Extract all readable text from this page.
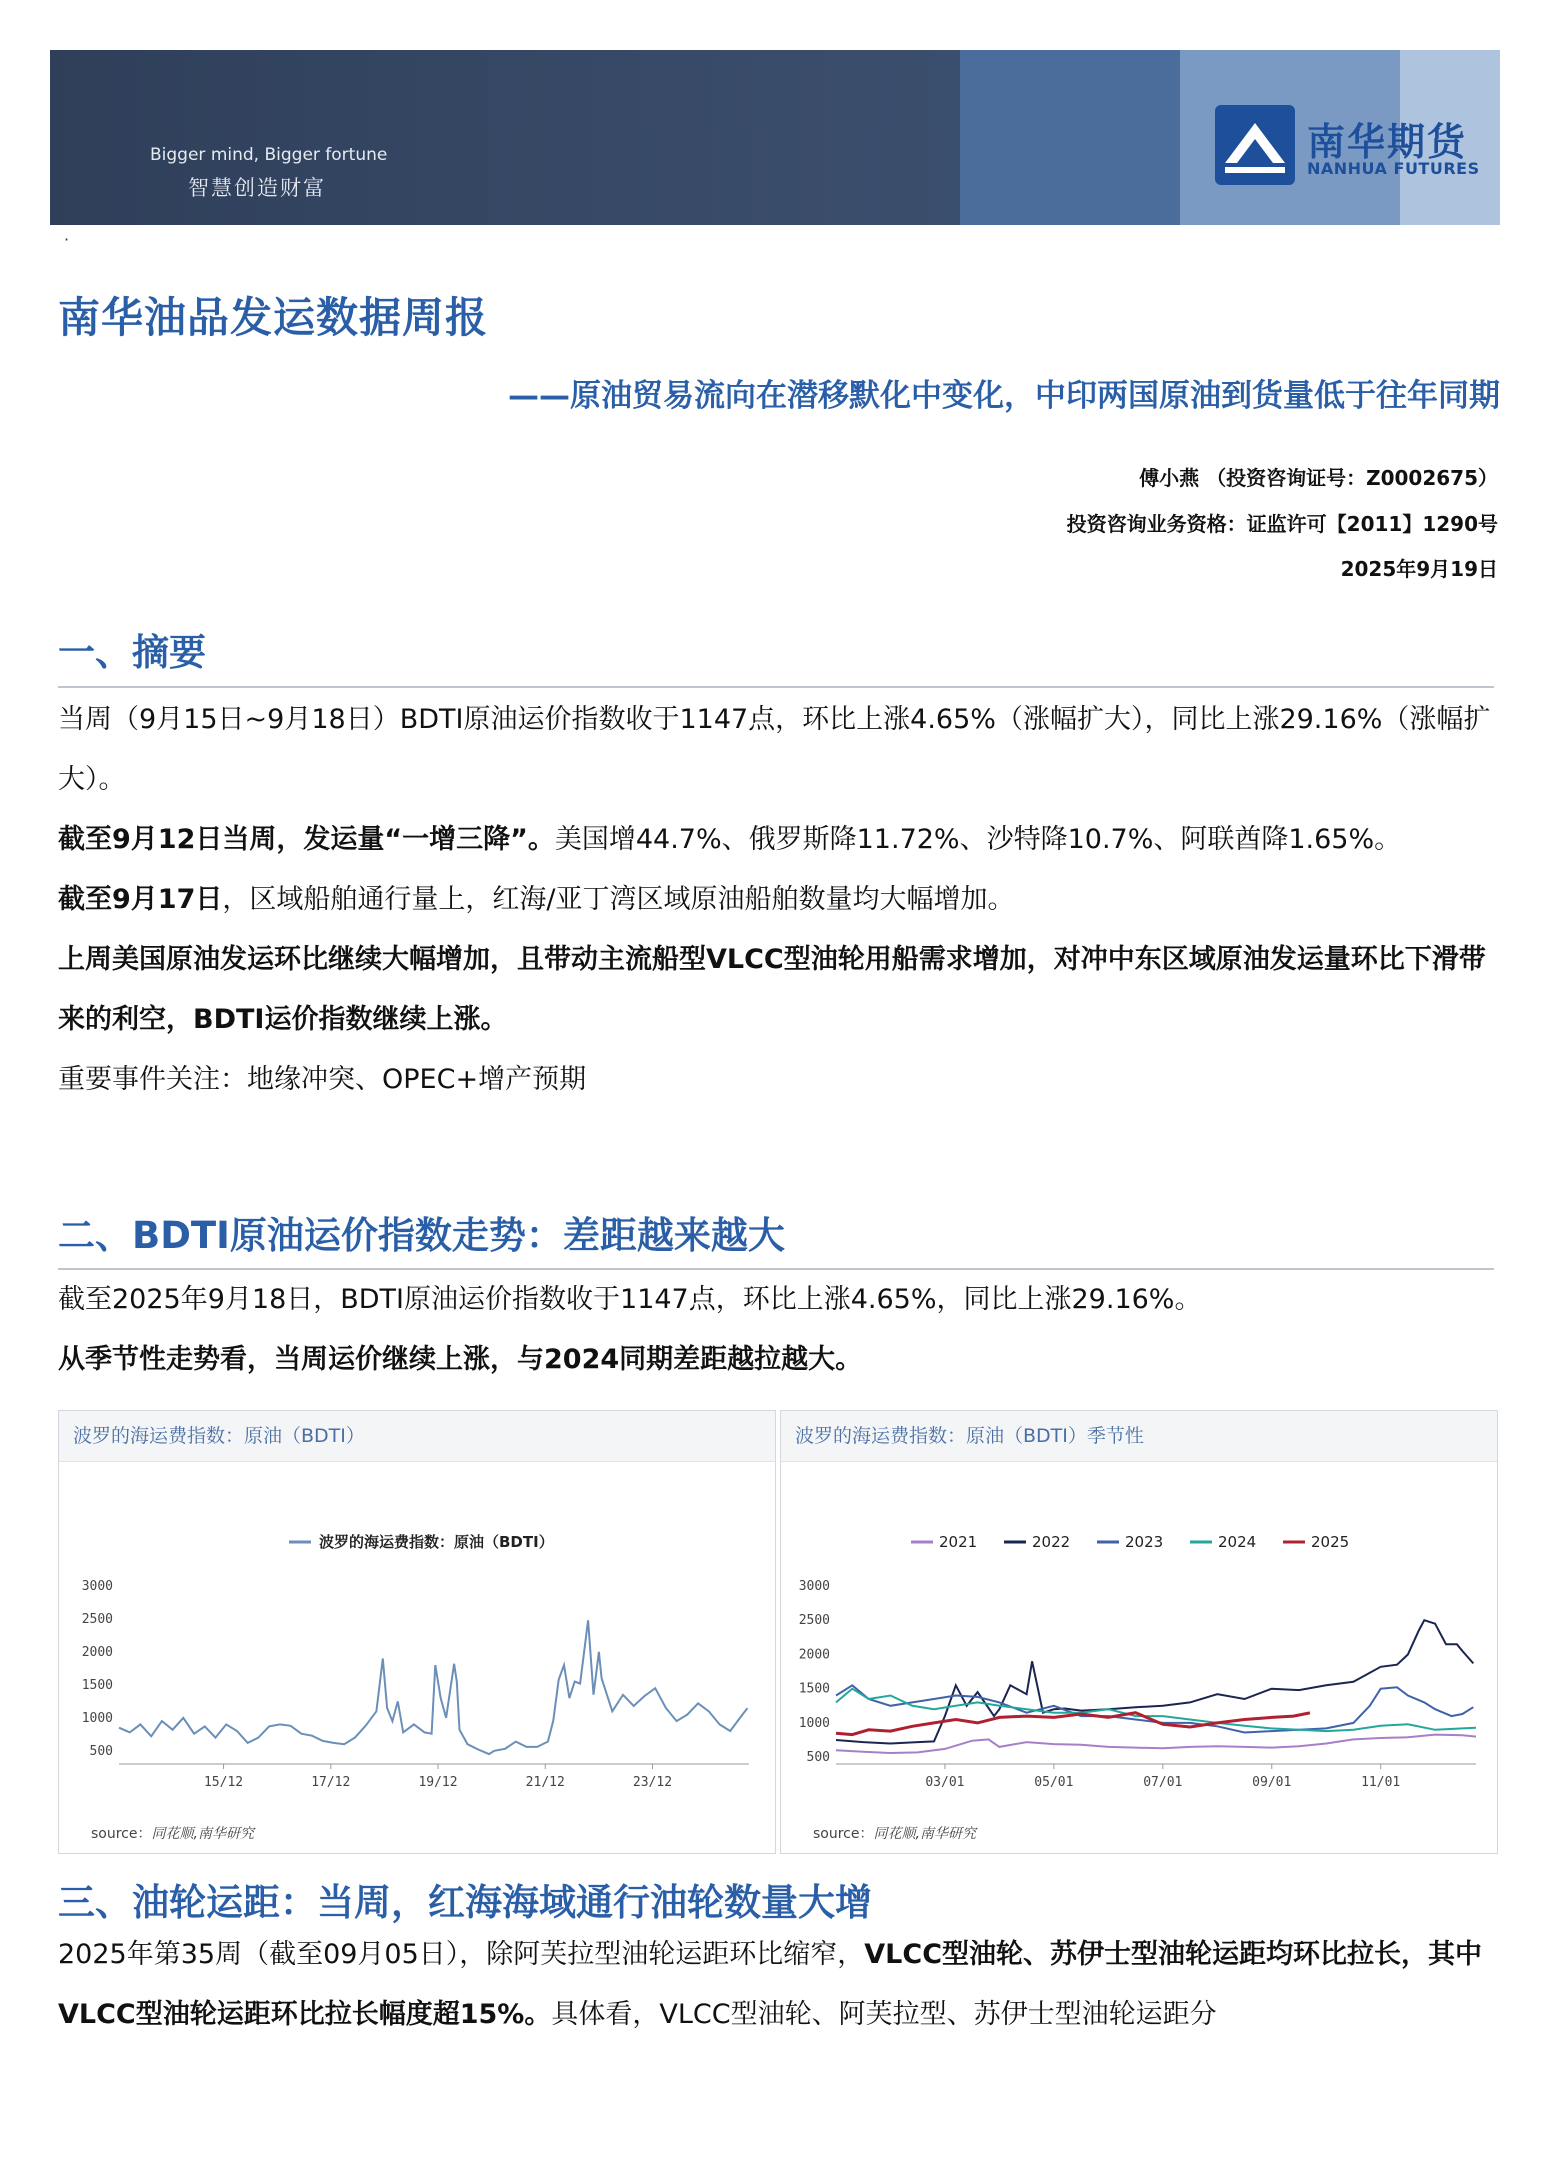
Bigger mind, Bigger fortune
智慧创造财富
南华期货
NANHUA FUTURES
·
南华油品发运数据周报
——原油贸易流向在潜移默化中变化，中印两国原油到货量低于往年同期
傅小燕 （投资咨询证号：Z0002675）
投资咨询业务资格：证监许可【2011】1290号
2025年9月19日
一、摘要
当周（9月15日~9月18日）BDTI原油运价指数收于1147点，环比上涨4.65%（涨幅扩大），同比上涨29.16%（涨幅扩大）。
截至9月12日当周，发运量“一增三降”。美国增44.7%、俄罗斯降11.72%、沙特降10.7%、阿联酋降1.65%。
截至9月17日，区域船舶通行量上，红海/亚丁湾区域原油船舶数量均大幅增加。
上周美国原油发运环比继续大幅增加，且带动主流船型VLCC型油轮用船需求增加，对冲中东区域原油发运量环比下滑带来的利空，BDTI运价指数继续上涨。
重要事件关注：地缘冲突、OPEC+增产预期
二、BDTI原油运价指数走势：差距越来越大
截至2025年9月18日，BDTI原油运价指数收于1147点，环比上涨4.65%，同比上涨29.16%。
从季节性走势看，当周运价继续上涨，与2024同期差距越拉越大。
波罗的海运费指数：原油（BDTI）
3000
2500
2000
1500
1000
500
15/12	17/12	19/12	21/12	23/12
波罗的海运费指数：原油（BDTI）
source：同花顺,南华研究
波罗的海运费指数：原油（BDTI）季节性
3000
2500
2000
1500
1000
500
03/01	05/01	07/01	09/01	11/01
2021	2022	2023	2024	2025
source：同花顺,南华研究
三、油轮运距：当周，红海海域通行油轮数量大增
2025年第35周（截至09月05日），除阿芙拉型油轮运距环比缩窄，VLCC型油轮、苏伊士型油轮运距均环比拉长，其中VLCC型油轮运距环比拉长幅度超15%。具体看，VLCC型油轮、阿芙拉型、苏伊士型油轮运距分
